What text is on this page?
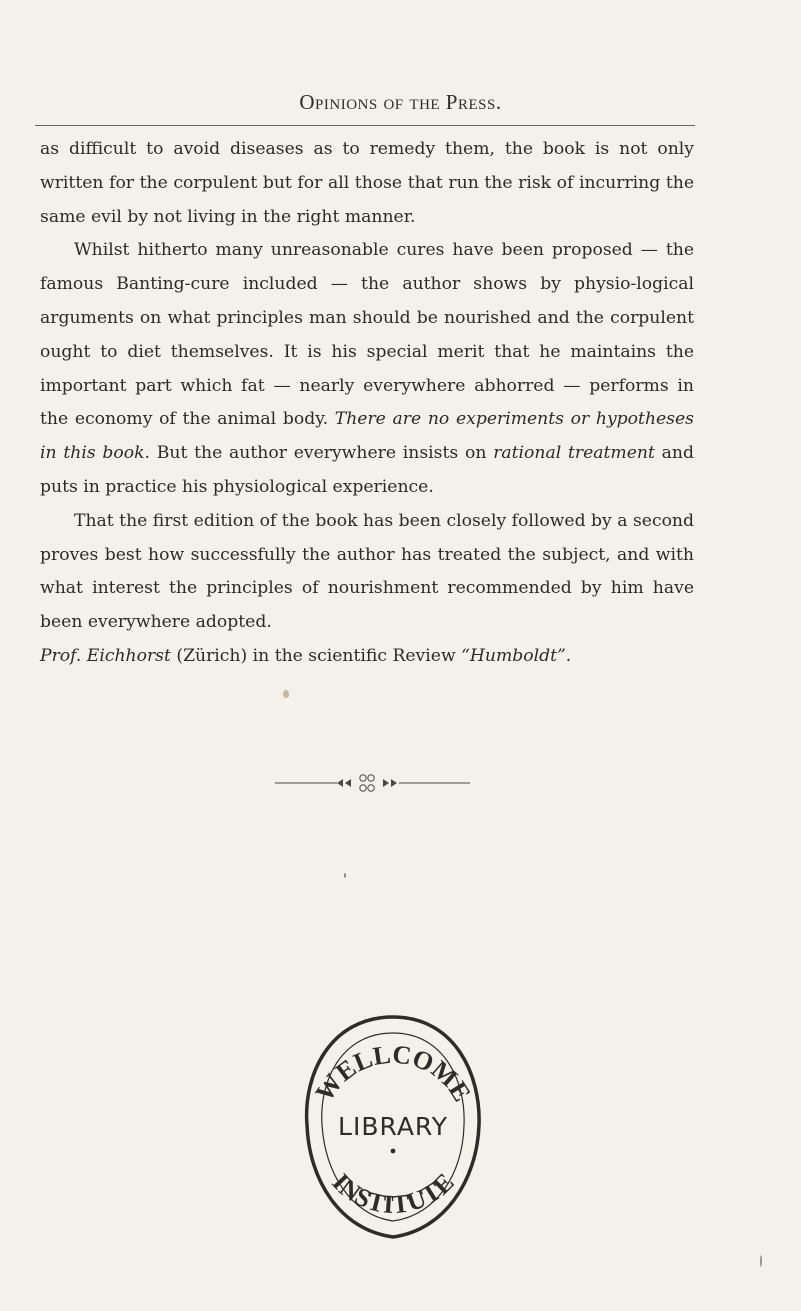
Opinions of the Press.

as difficult to avoid diseases as to remedy them, the book is not only written for the corpulent but for all those that run the risk of incurring the same evil by not living in the right manner.

Whilst hitherto many unreasonable cures have been proposed — the famous Banting-cure included — the author shows by physio-logical arguments on what principles man should be nourished and the corpulent ought to diet themselves. It is his special merit that he maintains the important part which fat — nearly everywhere abhorred — performs in the economy of the animal body. There are no experiments or hypotheses in this book. But the author everywhere insists on rational treatment and puts in practice his physiological experience.

That the first edition of the book has been closely followed by a second proves best how successfully the author has treated the subject, and with what interest the principles of nourishment recommended by him have been everywhere adopted.

Prof. Eichhorst (Zürich) in the scientific Review “Humboldt”.

WELLCOME
LIBRARY
INSTITUTE
